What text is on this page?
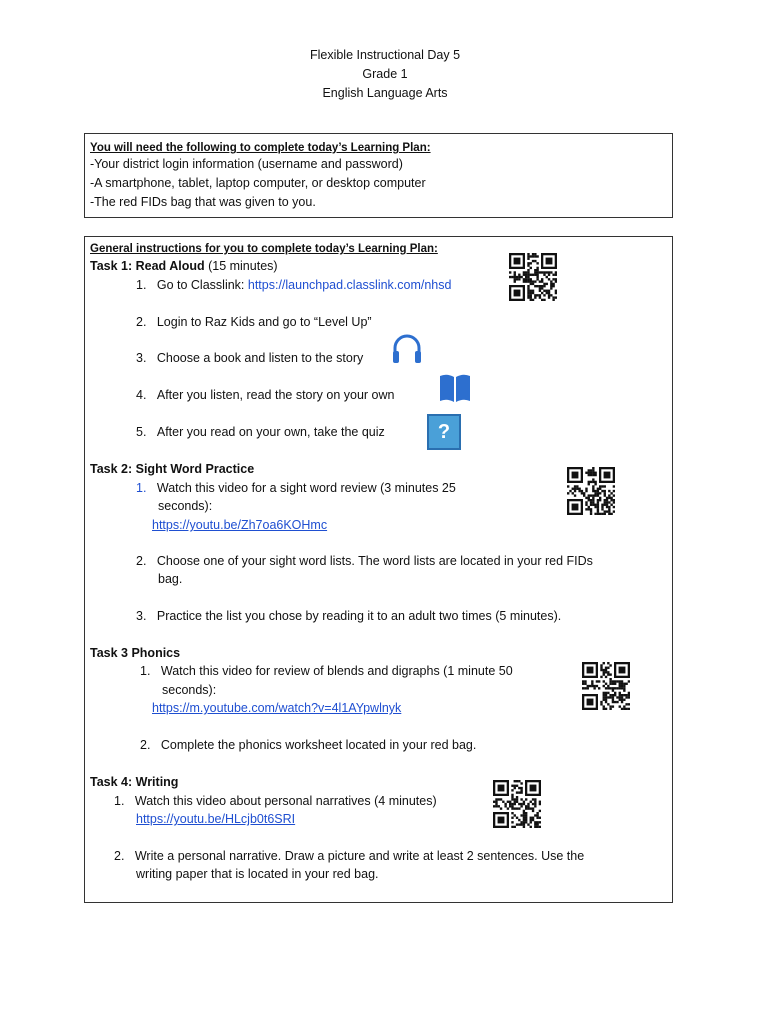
Flexible Instructional Day 5
Grade 1
English Language Arts
You will need the following to complete today’s Learning Plan:
-Your district login information (username and password)
-A smartphone, tablet, laptop computer, or desktop computer
-The red FIDs bag that was given to you.
General instructions for you to complete today’s Learning Plan:
Task 1: Read Aloud (15 minutes)
1. Go to Classlink: https://launchpad.classlink.com/nhsd
2. Login to Raz Kids and go to “Level Up”
3. Choose a book and listen to the story
4. After you listen, read the story on your own
5. After you read on your own, take the quiz	?
Task 2: Sight Word Practice
1. Watch this video for a sight word review (3 minutes 25
seconds):
https://youtu.be/Zh7oa6KOHmc
2. Choose one of your sight word lists. The word lists are located in your red FIDs
bag.
3. Practice the list you chose by reading it to an adult two times (5 minutes).
Task 3 Phonics
1. Watch this video for review of blends and digraphs (1 minute 50
seconds):
https://m.youtube.com/watch?v=4l1AYpwlnyk
2. Complete the phonics worksheet located in your red bag.
Task 4: Writing
1. Watch this video about personal narratives (4 minutes)
https://youtu.be/HLcjb0t6SRI
2. Write a personal narrative. Draw a picture and write at least 2 sentences. Use the
writing paper that is located in your red bag.
